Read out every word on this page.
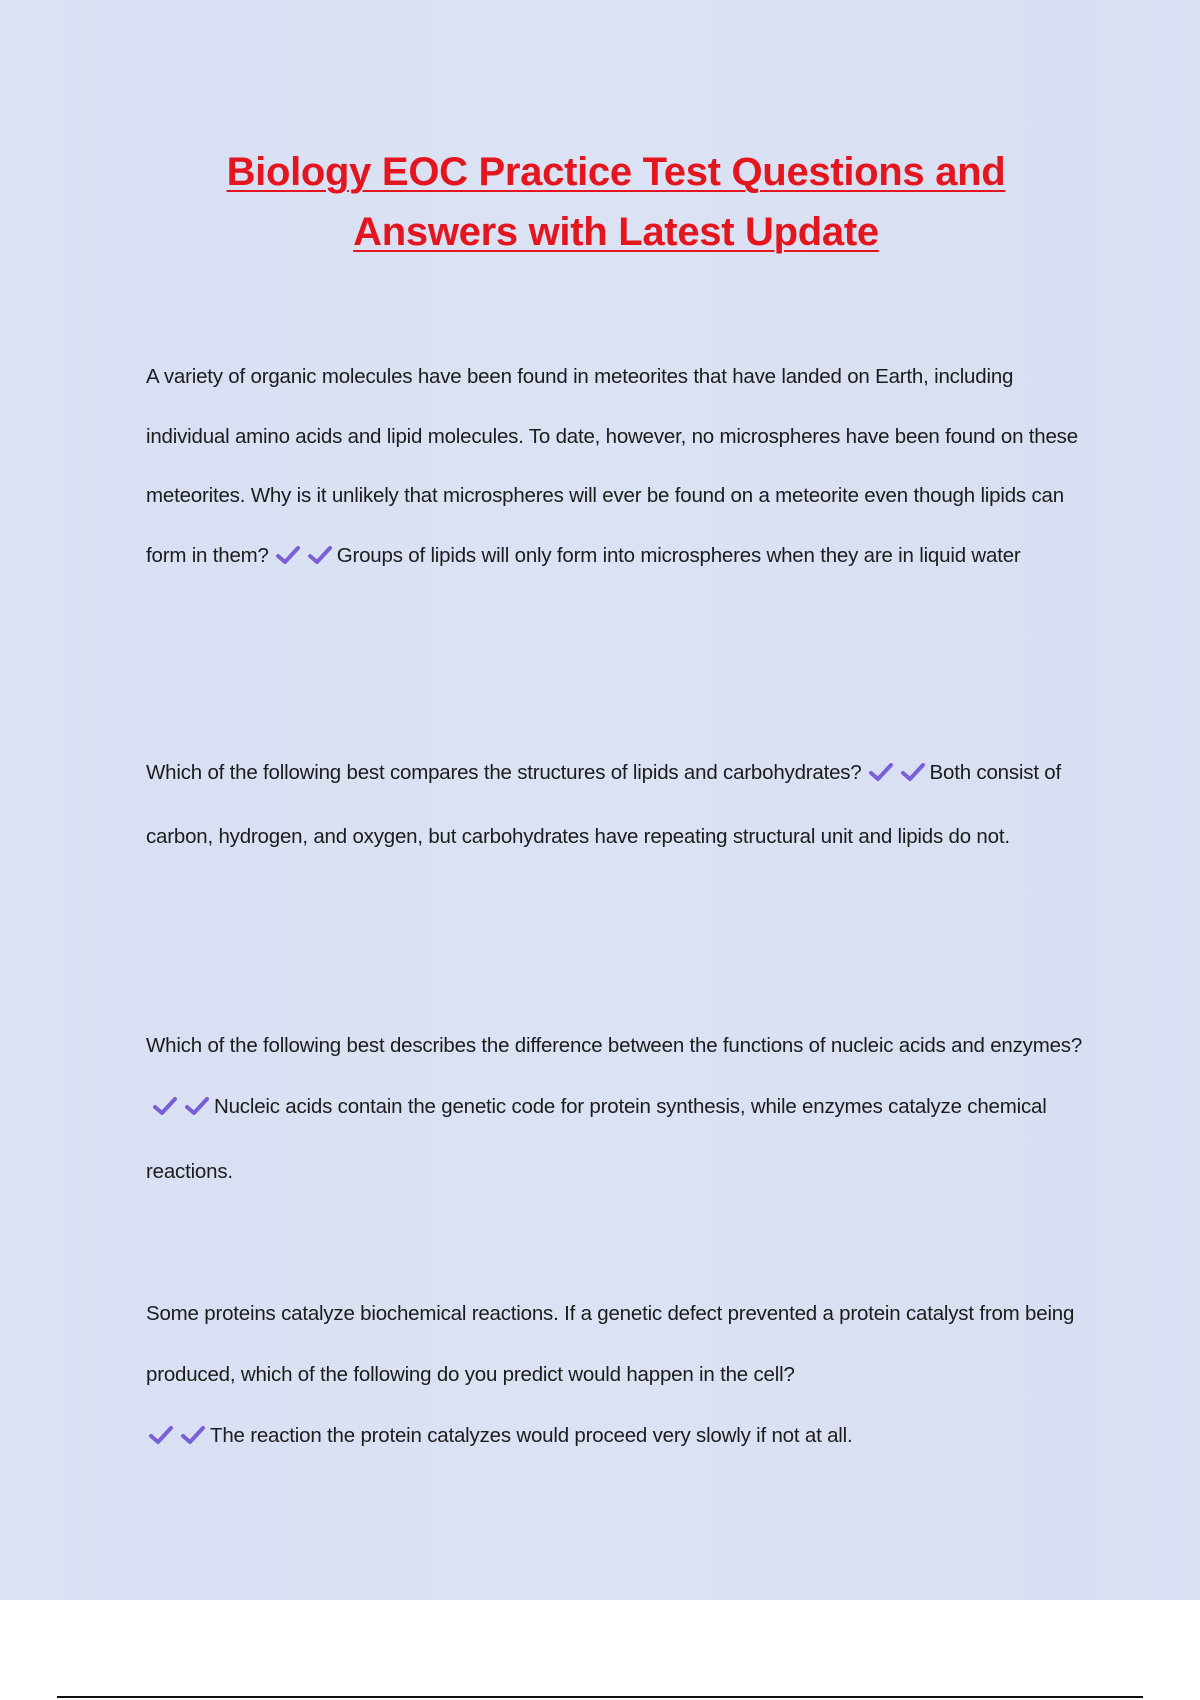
Biology EOC Practice Test Questions and
Answers with Latest Update

A variety of organic molecules have been found in meteorites that have landed on Earth, including individual amino acids and lipid molecules. To date, however, no microspheres have been found on these meteorites. Why is it unlikely that microspheres will ever be found on a meteorite even though lipids can form in them?	Groups of lipids will only form into microspheres when they are in liquid water

Which of the following best compares the structures of lipids and carbohydrates?	Both consist of carbon, hydrogen, and oxygen, but carbohydrates have repeating structural unit and lipids do not.

Which of the following best describes the difference between the functions of nucleic acids and enzymes?
Nucleic acids contain the genetic code for protein synthesis, while enzymes catalyze chemical reactions.

Some proteins catalyze biochemical reactions. If a genetic defect prevented a protein catalyst from being produced, which of the following do you predict would happen in the cell?

The reaction the protein catalyzes would proceed very slowly if not at all.
